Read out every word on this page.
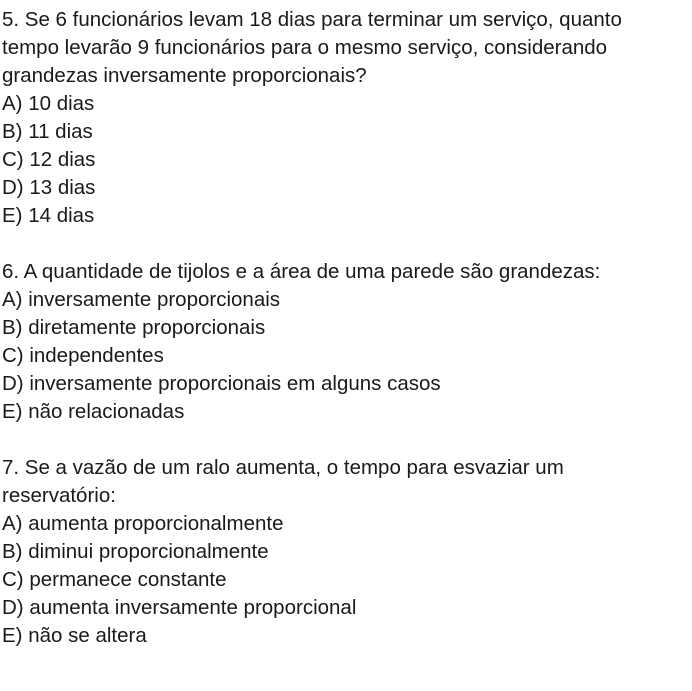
5. Se 6 funcionários levam 18 dias para terminar um serviço, quanto tempo levarão 9 funcionários para o mesmo serviço, considerando grandezas inversamente proporcionais?
A) 10 dias
B) 11 dias
C) 12 dias
D) 13 dias
E) 14 dias
6. A quantidade de tijolos e a área de uma parede são grandezas:
A) inversamente proporcionais
B) diretamente proporcionais
C) independentes
D) inversamente proporcionais em alguns casos
E) não relacionadas
7. Se a vazão de um ralo aumenta, o tempo para esvaziar um reservatório:
A) aumenta proporcionalmente
B) diminui proporcionalmente
C) permanece constante
D) aumenta inversamente proporcional
E) não se altera
